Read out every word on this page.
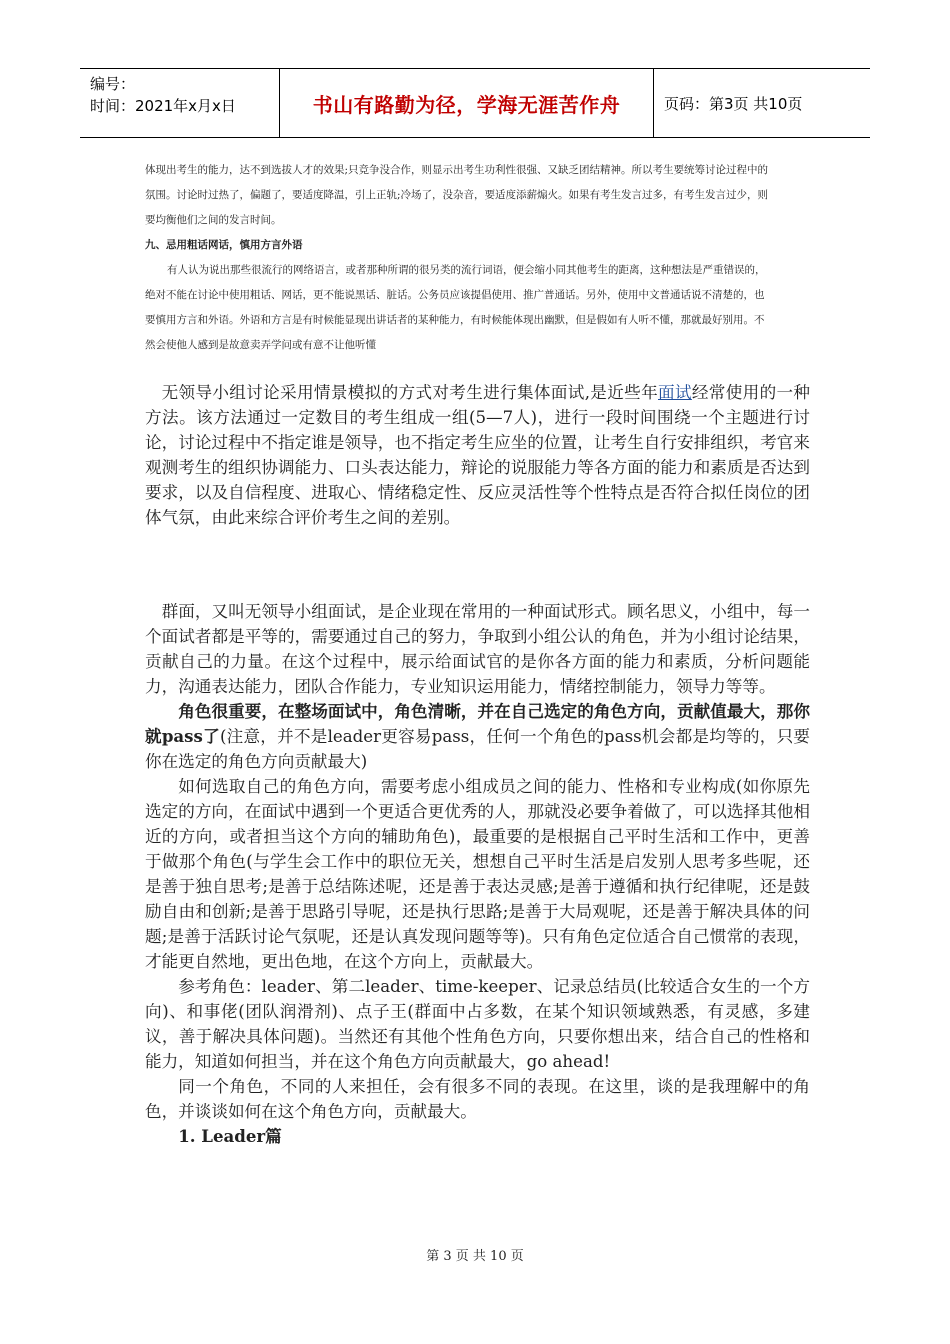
编号：
时间：2021年x月x日	书山有路勤为径，学海无涯苦作舟	页码：第3页 共10页

体现出考生的能力，达不到选拔人才的效果;只竞争没合作，则显示出考生功利性很强、又缺乏团结精神。所以考生要统筹讨论过程中的

氛围。讨论时过热了，偏题了，要适度降温，引上正轨;冷场了，没杂音，要适度添薪煽火。如果有考生发言过多，有考生发言过少，则

要均衡他们之间的发言时间。

九、忌用粗话网话，慎用方言外语

有人认为说出那些很流行的网络语言，或者那种所谓的很另类的流行词语，便会缩小同其他考生的距离，这种想法是严重错误的，

绝对不能在讨论中使用粗话、网话，更不能说黑话、脏话。公务员应该提倡使用、推广普通话。另外，使用中文普通话说不清楚的，也

要慎用方言和外语。外语和方言是有时候能显现出讲话者的某种能力，有时候能体现出幽默，但是假如有人听不懂，那就最好别用。不

然会使他人感到是故意卖弄学问或有意不让他听懂

无领导小组讨论采用情景模拟的方式对考生进行集体面试,是近些年面试经常使用的一种方法。该方法通过一定数目的考生组成一组(5—7人)，进行一段时间围绕一个主题进行讨论，讨论过程中不指定谁是领导，也不指定考生应坐的位置，让考生自行安排组织，考官来观测考生的组织协调能力、口头表达能力，辩论的说服能力等各方面的能力和素质是否达到要求，以及自信程度、进取心、情绪稳定性、反应灵活性等个性特点是否符合拟任岗位的团体气氛，由此来综合评价考生之间的差别。

群面，又叫无领导小组面试，是企业现在常用的一种面试形式。顾名思义，小组中，每一个面试者都是平等的，需要通过自己的努力，争取到小组公认的角色，并为小组讨论结果，贡献自己的力量。在这个过程中，展示给面试官的是你各方面的能力和素质，分析问题能力，沟通表达能力，团队合作能力，专业知识运用能力，情绪控制能力，领导力等等。

角色很重要，在整场面试中，角色清晰，并在自己选定的角色方向，贡献值最大，那你就pass了(注意，并不是leader更容易pass，任何一个角色的pass机会都是均等的，只要你在选定的角色方向贡献最大)

如何选取自己的角色方向，需要考虑小组成员之间的能力、性格和专业构成(如你原先选定的方向，在面试中遇到一个更适合更优秀的人，那就没必要争着做了，可以选择其他相近的方向，或者担当这个方向的辅助角色)，最重要的是根据自己平时生活和工作中，更善于做那个角色(与学生会工作中的职位无关，想想自己平时生活是启发别人思考多些呢，还是善于独自思考;是善于总结陈述呢，还是善于表达灵感;是善于遵循和执行纪律呢，还是鼓励自由和创新;是善于思路引导呢，还是执行思路;是善于大局观呢，还是善于解决具体的问题;是善于活跃讨论气氛呢，还是认真发现问题等等)。只有角色定位适合自己惯常的表现，才能更自然地，更出色地，在这个方向上，贡献最大。

参考角色：leader、第二leader、time-keeper、记录总结员(比较适合女生的一个方向)、和事佬(团队润滑剂)、点子王(群面中占多数，在某个知识领域熟悉，有灵感，多建议，善于解决具体问题)。当然还有其他个性角色方向，只要你想出来，结合自己的性格和能力，知道如何担当，并在这个角色方向贡献最大，go ahead!

同一个角色，不同的人来担任，会有很多不同的表现。在这里，谈的是我理解中的角色，并谈谈如何在这个角色方向，贡献最大。

1. Leader篇

第 3 页 共 10 页
